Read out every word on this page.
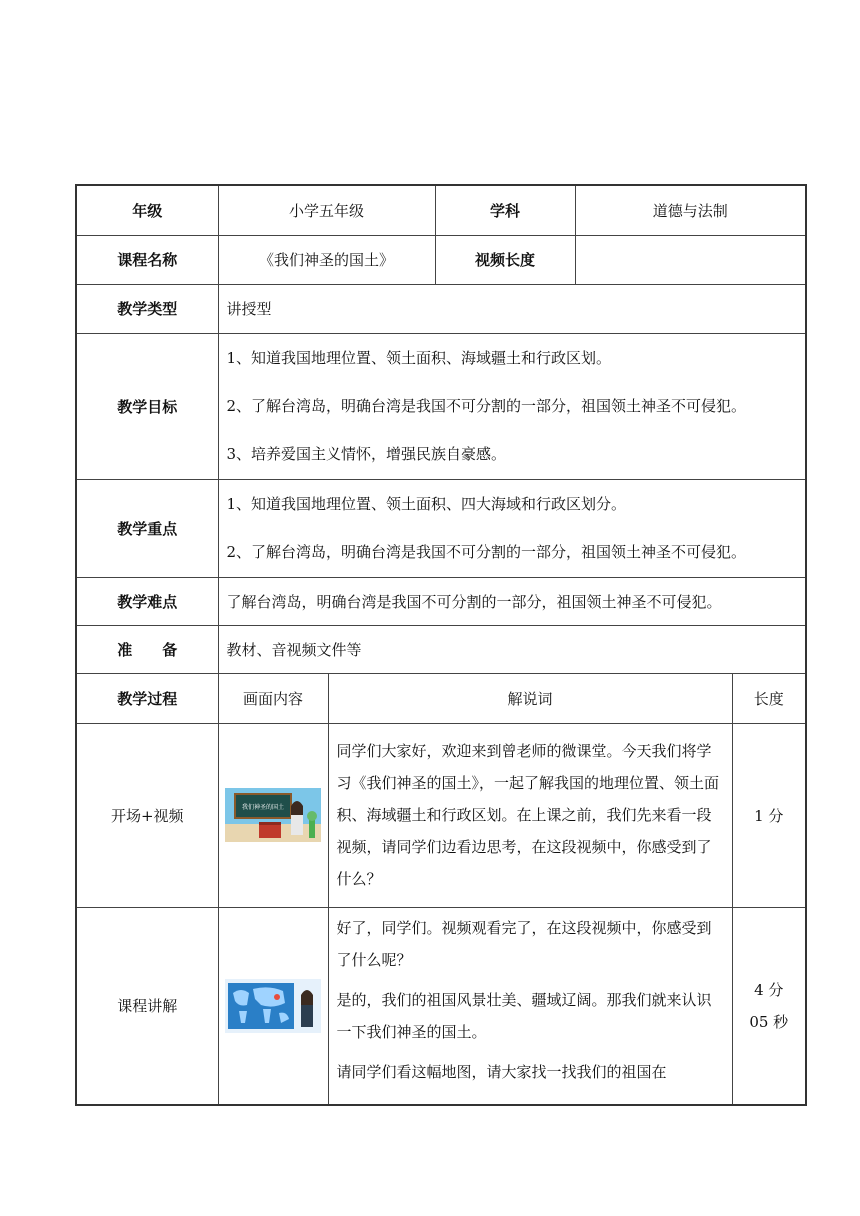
年级	小学五年级		学科	道德与法制	
课程名称	《我们神圣的国土》		视频长度		
教学类型	讲授型				
教学目标	1、知道我国地理位置、领土面积、海域疆土和行政区划。

2、了解台湾岛，明确台湾是我国不可分割的一部分，祖国领土神圣不可侵犯。

3、培养爱国主义情怀，增强民族自豪感。				

教学重点	1、知道我国地理位置、领土面积、四大海域和行政区划分。

2、了解台湾岛，明确台湾是我国不可分割的一部分，祖国领土神圣不可侵犯。				

教学难点	了解台湾岛，明确台湾是我国不可分割的一部分，祖国领土神圣不可侵犯。				
准　　备	教材、音视频文件等				
教学过程	画面内容	解说词			长度
开场+视频	我们神圣的国土	同学们大家好，欢迎来到曾老师的微课堂。今天我们将学习《我们神圣的国土》，一起了解我国的地理位置、领土面积、海域疆土和行政区划。在上课之前，我们先来看一段视频，请同学们边看边思考，在这段视频中，你感受到了什么？			1 分
课程讲解		好了，同学们。视频观看完了，在这段视频中，你感受到了什么呢？

是的，我们的祖国风景壮美、疆域辽阔。那我们就来认识一下我们神圣的国土。

请同学们看这幅地图，请大家找一找我们的祖国在			4 分 05 秒
